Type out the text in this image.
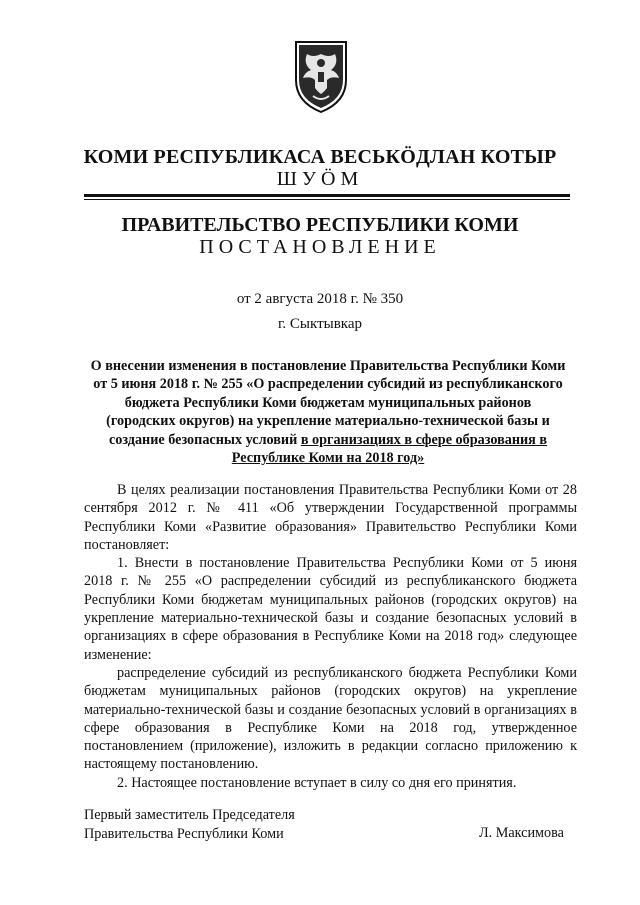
КОМИ РЕСПУБЛИКАСА ВЕСЬКӦДЛАН КОТЫР
ШУÖМ
ПРАВИТЕЛЬСТВО РЕСПУБЛИКИ КОМИ
ПОСТАНОВЛЕНИЕ
от 2 августа 2018 г. № 350
г. Сыктывкар
О внесении изменения в постановление Правительства Республики Коми от 5 июня 2018 г. № 255 «О распределении субсидий из республиканского бюджета Республики Коми бюджетам муниципальных районов (городских округов) на укрепление материально-технической базы и создание безопасных условий в организациях в сфере образования в Республике Коми на 2018 год»

В целях реализации постановления Правительства Республики Коми от 28 сентября 2012 г. № 411 «Об утверждении Государственной программы Республики Коми «Развитие образования» Правительство Республики Коми постановляет:

1. Внести в постановление Правительства Республики Коми от 5 июня 2018 г. № 255 «О распределении субсидий из республиканского бюджета Республики Коми бюджетам муниципальных районов (городских округов) на укрепление материально-технической базы и создание безопасных условий в организациях в сфере образования в Республике Коми на 2018 год» следующее изменение:

распределение субсидий из республиканского бюджета Республики Коми бюджетам муниципальных районов (городских округов) на укрепление материально-технической базы и создание безопасных условий в организациях в сфере образования в Республике Коми на 2018 год, утвержденное постановлением (приложение), изложить в редакции согласно приложению к настоящему постановлению.

2. Настоящее постановление вступает в силу со дня его принятия.

Первый заместитель Председателя
Правительства Республики Коми	Л. Максимова
